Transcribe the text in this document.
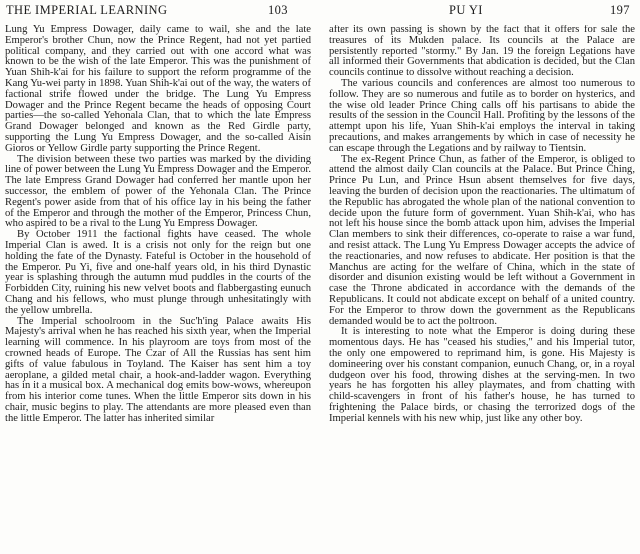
THE IMPERIAL LEARNING	103	PU YI	197

Lung Yu Empress Dowager, daily came to wail, she and the late Emperor's brother Chun, now the Prince Regent, had not yet partied political company, and they carried out with one accord what was known to be the wish of the late Emperor. This was the punishment of Yuan Shih-k'ai for his failure to support the reform programme of the Kang Yu-wei party in 1898. Yuan Shih-k'ai out of the way, the waters of factional strife flowed under the bridge. The Lung Yu Empress Dowager and the Prince Regent became the heads of opposing Court parties—the so-called Yehonala Clan, that to which the late Empress Grand Dowager belonged and known as the Red Girdle party, supporting the Lung Yu Empress Dowager, and the so-called Aisin Gioros or Yellow Girdle party supporting the Prince Regent.

The division between these two parties was marked by the dividing line of power between the Lung Yu Empress Dowager and the Emperor. The late Empress Grand Dowager had conferred her mantle upon her successor, the emblem of power of the Yehonala Clan. The Prince Regent's power aside from that of his office lay in his being the father of the Emperor and through the mother of the Emperor, Princess Chun, who aspired to be a rival to the Lung Yu Empress Dowager.

By October 1911 the factional fights have ceased. The whole Imperial Clan is awed. It is a crisis not only for the reign but one holding the fate of the Dynasty. Fateful is October in the household of the Emperor. Pu Yi, five and one-half years old, in his third Dynastic year is splashing through the autumn mud puddles in the courts of the Forbidden City, ruining his new velvet boots and flabbergasting eunuch Chang and his fellows, who must plunge through unhesitatingly with the yellow umbrella.

The Imperial schoolroom in the Suc'h'ing Palace awaits His Majesty's arrival when he has reached his sixth year, when the Imperial learning will commence. In his playroom are toys from most of the crowned heads of Europe. The Czar of All the Russias has sent him gifts of value fabulous in Toyland. The Kaiser has sent him a toy aeroplane, a gilded metal chair, a hook-and-ladder wagon. Everything has in it a musical box. A mechanical dog emits bow-wows, whereupon from his interior come tunes. When the little Emperor sits down in his chair, music begins to play. The attendants are more pleased even than the little Emperor. The latter has inherited similar

after its own passing is shown by the fact that it offers for sale the treasures of its Mukden palace. Its councils at the Palace are persistently reported "stormy." By Jan. 19 the foreign Legations have all informed their Governments that abdication is decided, but the Clan councils continue to dissolve without reaching a decision.

The various councils and conferences are almost too numerous to follow. They are so numerous and futile as to border on hysterics, and the wise old leader Prince Ching calls off his partisans to abide the results of the session in the Council Hall. Profiting by the lessons of the attempt upon his life, Yuan Shih-k'ai employs the interval in taking precautions, and makes arrangements by which in case of necessity he can escape through the Legations and by railway to Tientsin.

The ex-Regent Prince Chun, as father of the Emperor, is obliged to attend the almost daily Clan councils at the Palace. But Prince Ching, Prince Pu Lun, and Prince Hsun absent themselves for five days, leaving the burden of decision upon the reactionaries. The ultimatum of the Republic has abrogated the whole plan of the national convention to decide upon the future form of government. Yuan Shih-k'ai, who has not left his house since the bomb attack upon him, advises the Imperial Clan members to sink their differences, co-operate to raise a war fund, and resist attack. The Lung Yu Empress Dowager accepts the advice of the reactionaries, and now refuses to abdicate. Her position is that the Manchus are acting for the welfare of China, which in the state of disorder and disunion existing would be left without a Government in case the Throne abdicated in accordance with the demands of the Republicans. It could not abdicate except on behalf of a united country. For the Emperor to throw down the government as the Republicans demanded would be to act the poltroon.

It is interesting to note what the Emperor is doing during these momentous days. He has "ceased his studies," and his Imperial tutor, the only one empowered to reprimand him, is gone. His Majesty is domineering over his constant companion, eunuch Chang, or, in a royal dudgeon over his food, throwing dishes at the serving-men. In two years he has forgotten his alley playmates, and from chatting with child-scavengers in front of his father's house, he has turned to frightening the Palace birds, or chasing the terrorized dogs of the Imperial kennels with his new whip, just like any other boy.
